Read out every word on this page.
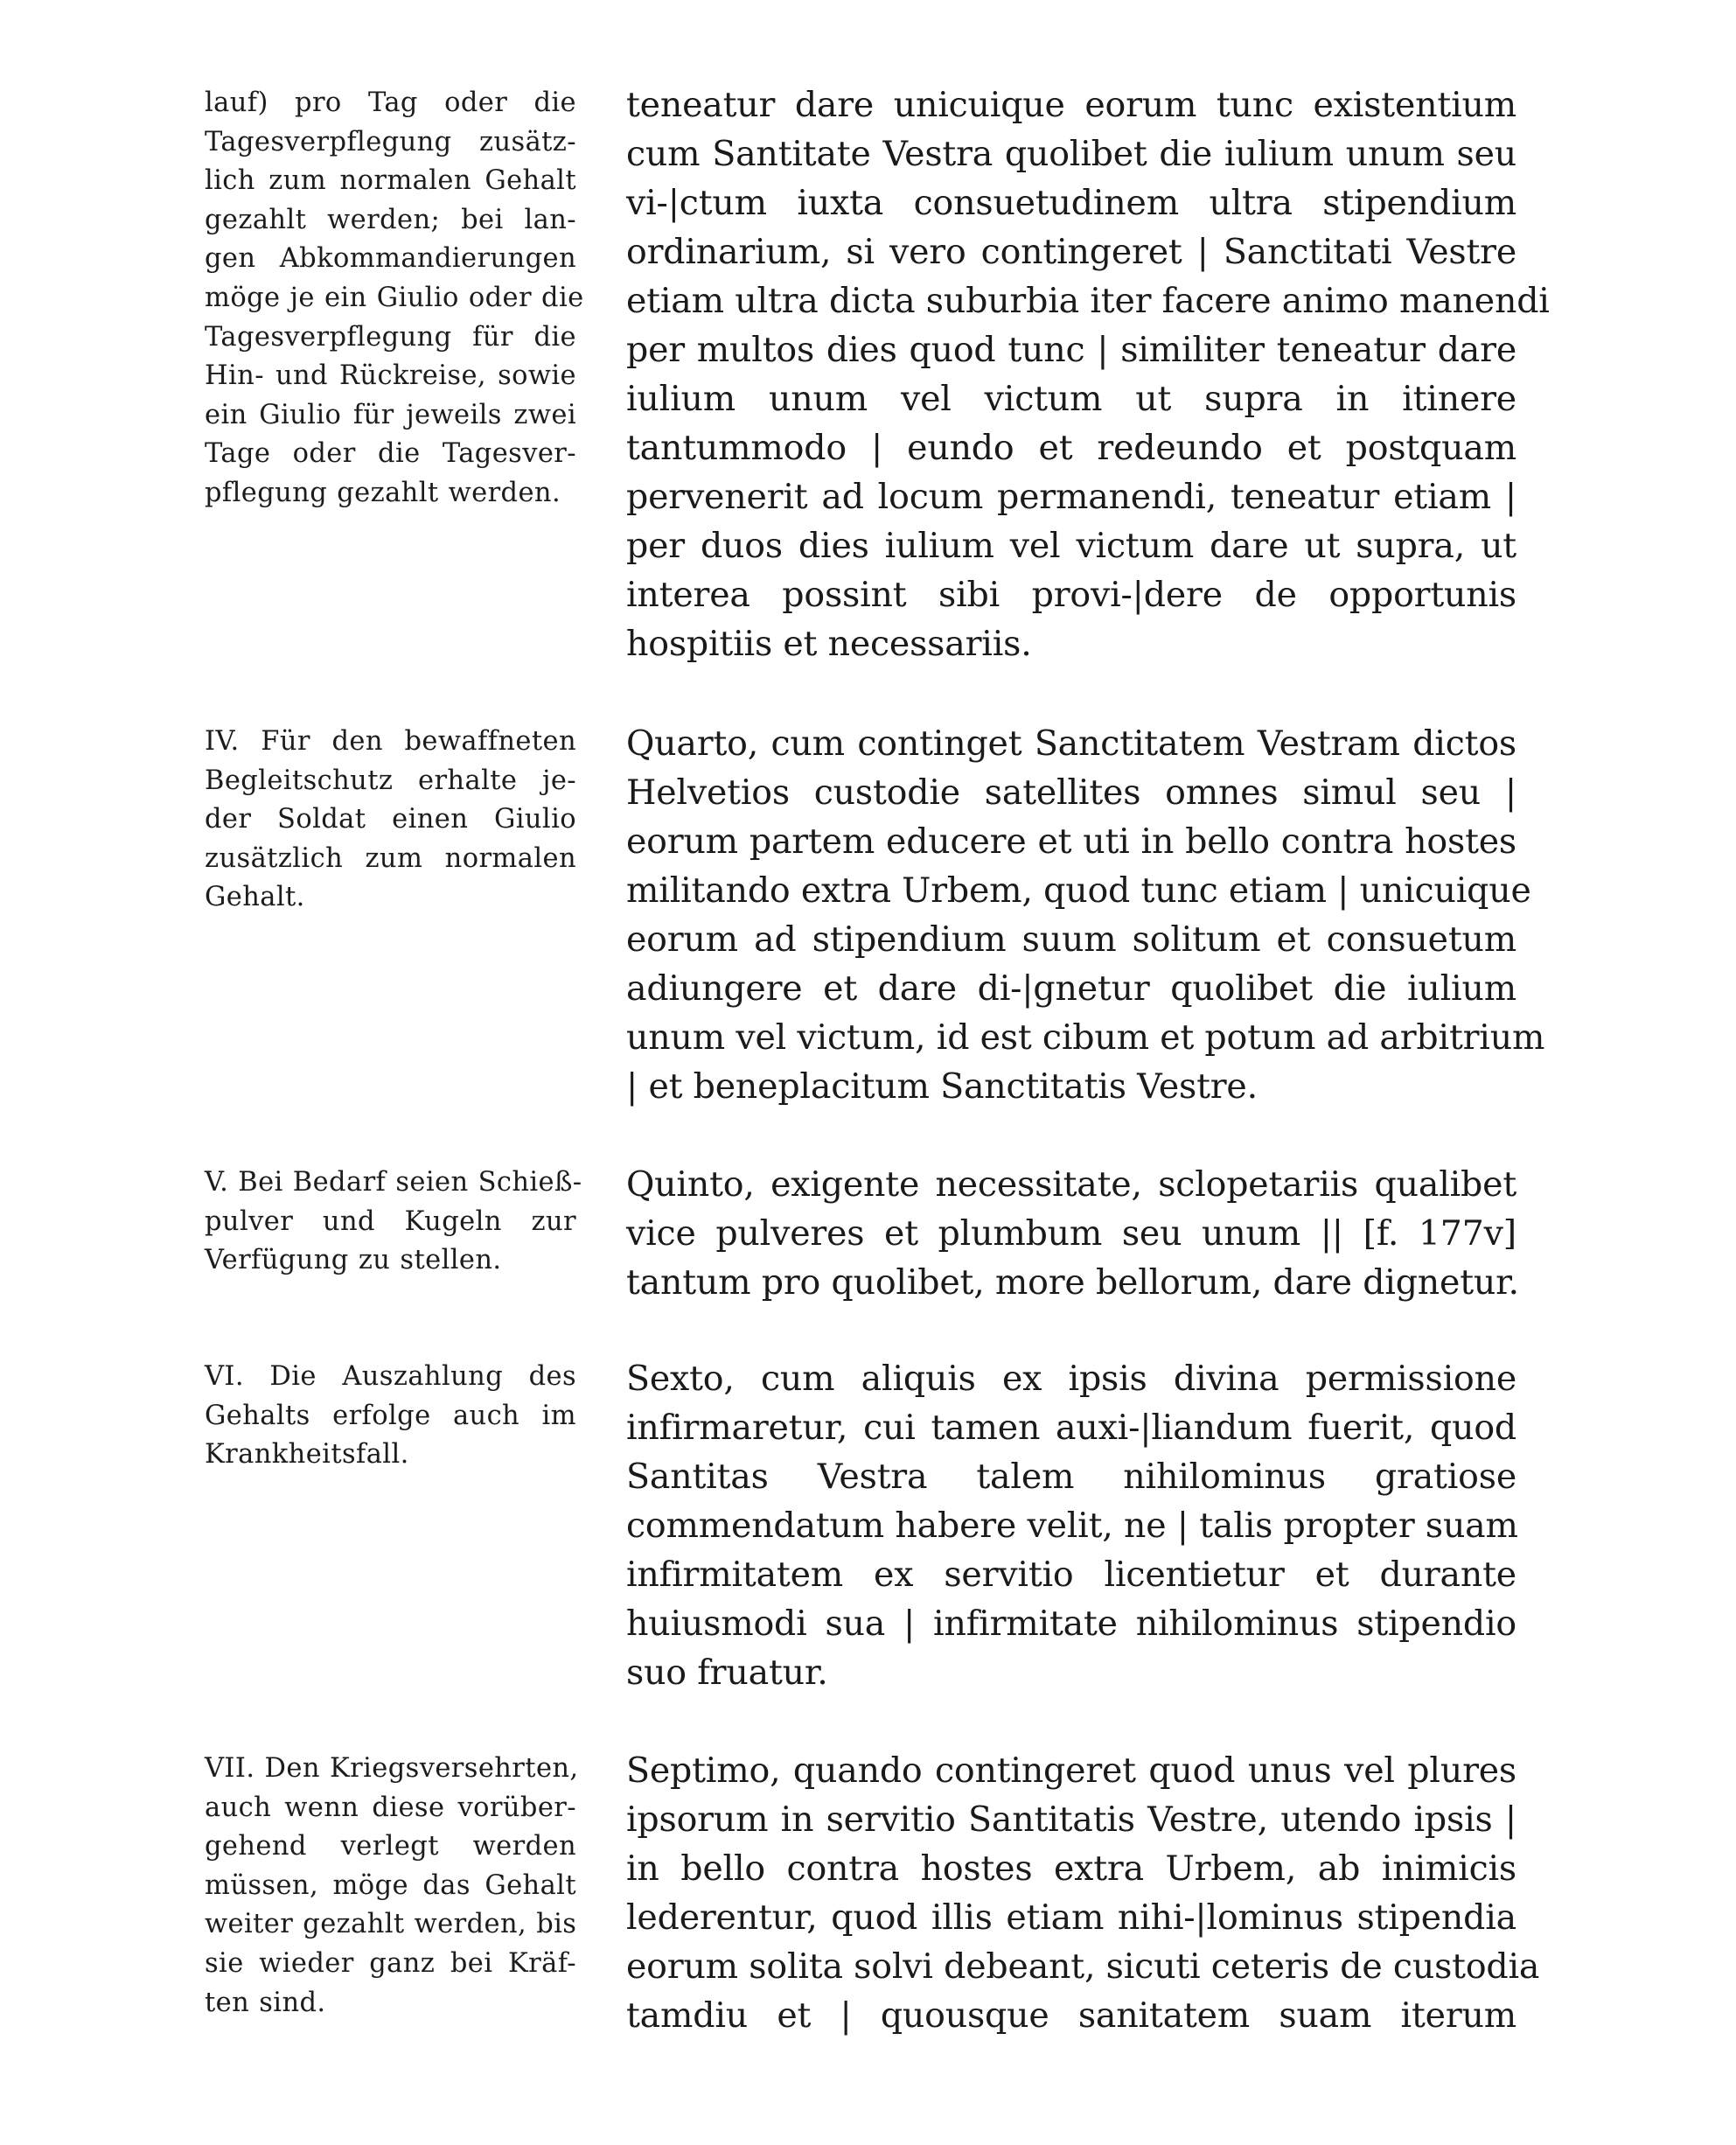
lauf) pro Tag oder die
Tagesverpflegung zusätz-
lich zum normalen Gehalt
gezahlt werden; bei lan-
gen Abkommandierungen
möge je ein Giulio oder die
Tagesverpflegung für die
Hin- und Rückreise, sowie
ein Giulio für jeweils zwei
Tage oder die Tagesver-
pflegung gezahlt werden.
teneatur dare unicuique eorum tunc existentium
cum Santitate Vestra quolibet die iulium unum seu
vi-|ctum iuxta consuetudinem ultra stipendium
ordinarium, si vero contingeret | Sanctitati Vestre
etiam ultra dicta suburbia iter facere animo manendi
per multos dies quod tunc | similiter teneatur dare
iulium unum vel victum ut supra in itinere
tantummodo | eundo et redeundo et postquam
pervenerit ad locum permanendi, teneatur etiam |
per duos dies iulium vel victum dare ut supra, ut
interea possint sibi provi-|dere de opportunis
hospitiis et necessariis.
IV. Für den bewaffneten
Begleitschutz erhalte je-
der Soldat einen Giulio
zusätzlich zum normalen
Gehalt.
Quarto, cum continget Sanctitatem Vestram dictos
Helvetios custodie satellites omnes simul seu |
eorum partem educere et uti in bello contra hostes
militando extra Urbem, quod tunc etiam | unicuique
eorum ad stipendium suum solitum et consuetum
adiungere et dare di-|gnetur quolibet die iulium
unum vel victum, id est cibum et potum ad arbitrium
| et beneplacitum Sanctitatis Vestre.
V. Bei Bedarf seien Schieß-
pulver und Kugeln zur
Verfügung zu stellen.
Quinto, exigente necessitate, sclopetariis qualibet
vice pulveres et plumbum seu unum || [f. 177v]
tantum pro quolibet, more bellorum, dare dignetur.
VI. Die Auszahlung des
Gehalts erfolge auch im
Krankheitsfall.
Sexto, cum aliquis ex ipsis divina permissione
infirmaretur, cui tamen auxi-|liandum fuerit, quod
Santitas Vestra talem nihilominus gratiose
commendatum habere velit, ne | talis propter suam
infirmitatem ex servitio licentietur et durante
huiusmodi sua | infirmitate nihilominus stipendio
suo fruatur.
VII. Den Kriegsversehrten,
auch wenn diese vorüber-
gehend verlegt werden
müssen, möge das Gehalt
weiter gezahlt werden, bis
sie wieder ganz bei Kräf-
ten sind.
Septimo, quando contingeret quod unus vel plures
ipsorum in servitio Santitatis Vestre, utendo ipsis |
in bello contra hostes extra Urbem, ab inimicis
lederentur, quod illis etiam nihi-|lominus stipendia
eorum solita solvi debeant, sicuti ceteris de custodia
tamdiu et | quousque sanitatem suam iterum
